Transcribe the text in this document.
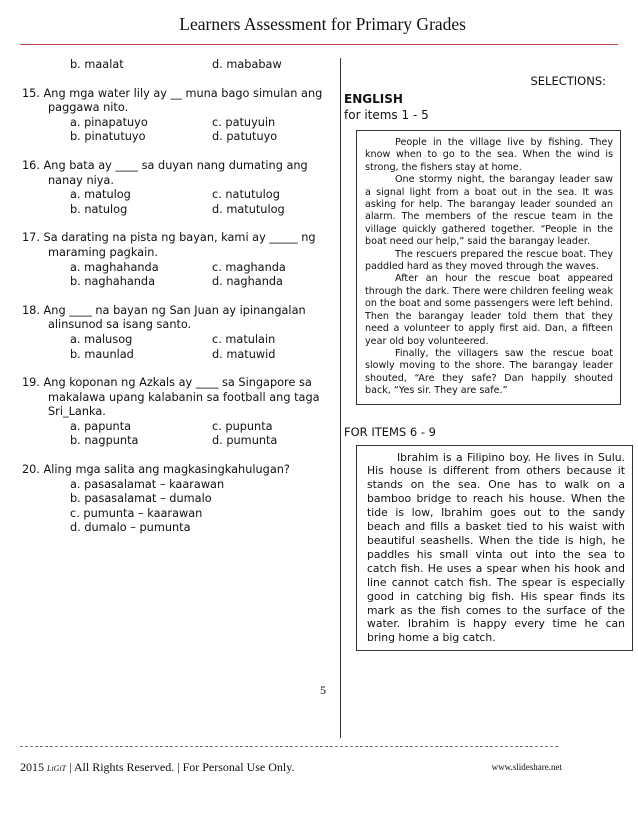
Learners Assessment for Primary Grades
b. maalat	d. mababaw
15. Ang mga water lily ay __ muna bago simulan ang
paggawa nito.
a. pinapatuyo	c. patuyuin
b. pinatutuyo	d. patutuyo
16. Ang bata ay ____ sa duyan nang dumating ang
nanay niya.
a. matulog	c. natutulog
b. natulog	d. matutulog
17. Sa darating na pista ng bayan, kami ay _____ ng
maraming pagkain.
a. maghahanda	c. maghanda
b. naghahanda	d. naghanda
18. Ang ____ na bayan ng San Juan ay ipinangalan
alinsunod sa isang santo.
a. malusog	c. matulain
b. maunlad	d. matuwid
19. Ang koponan ng Azkals ay ____ sa Singapore sa
makalawa upang kalabanin sa football ang taga
Sri_Lanka.
a. papunta	c. pupunta
b. nagpunta	d. pumunta
20. Aling mga salita ang magkasingkahulugan?
a. pasasalamat – kaarawan
b. pasasalamat – dumalo
c. pumunta – kaarawan
d. dumalo – pumunta
SELECTIONS:
ENGLISH
for items 1 - 5

People in the village live by fishing. They know when to go to the sea. When the wind is strong, the fishers stay at home.

One stormy night, the barangay leader saw a signal light from a boat out in the sea. It was asking for help. The barangay leader sounded an alarm. The members of the rescue team in the village quickly gathered together. “People in the boat need our help,” said the barangay leader.

The rescuers prepared the rescue boat. They paddled hard as they moved through the waves.

After an hour the rescue boat appeared through the dark. There were children feeling weak on the boat and some passengers were left behind. Then the barangay leader told them that they need a volunteer to apply first aid. Dan, a fifteen year old boy volunteered.

Finally, the villagers saw the rescue boat slowly moving to the shore. The barangay leader shouted, “Are they safe? Dan happily shouted back, “Yes sir. They are safe.”

FOR ITEMS 6 - 9

Ibrahim is a Filipino boy. He lives in Sulu. His house is different from others because it stands on the sea. One has to walk on a bamboo bridge to reach his house. When the tide is low, Ibrahim goes out to the sandy beach and fills a basket tied to his waist with beautiful seashells. When the tide is high, he paddles his small vinta out into the sea to catch fish. He uses a spear when his hook and line cannot catch fish. The spear is especially good in catching big fish. His spear finds its mark as the fish comes to the surface of the water. Ibrahim is happy every time he can bring home a big catch.

5
2015 LiGiT | All Rights Reserved. | For Personal Use Only.	www.slideshare.net
